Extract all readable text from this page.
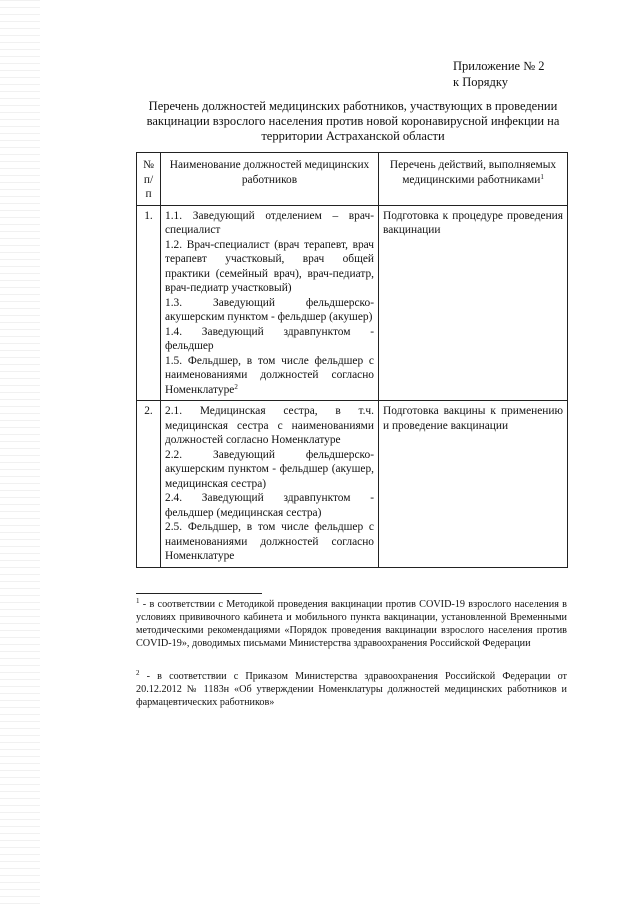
Приложение № 2
к Порядку
Перечень должностей медицинских работников, участвующих в проведении вакцинации взрослого населения против новой коронавирусной инфекции на территории Астраханской области
№ п/п	Наименование должностей медицинских работников	Перечень действий, выполняемых медицинскими работниками$^1$
1.	1.1. Заведующий отделением – врач-специалист

1.2. Врач-специалист (врач терапевт, врач терапевт участковый, врач общей практики (семейный врач), врач-педиатр, врач-педиатр участковый)

1.3. Заведующий фельдшерско-акушерским пунктом - фельдшер (акушер)

1.4. Заведующий здравпунктом - фельдшер

1.5. Фельдшер, в том числе фельдшер с наименованиями должностей согласно Номенклатуре$^2$	Подготовка к процедуре проведения вакцинации
2.	2.1. Медицинская сестра, в т.ч. медицинская сестра с наименованиями должностей согласно Номенклатуре

2.2. Заведующий фельдшерско-акушерским пунктом - фельдшер (акушер, медицинская сестра)

2.4. Заведующий здравпунктом - фельдшер (медицинская сестра)

2.5. Фельдшер, в том числе фельдшер с наименованиями должностей согласно Номенклатуре	Подготовка вакцины к применению и проведение вакцинации
$^1$ - в соответствии с Методикой проведения вакцинации против COVID-19 взрослого населения в условиях прививочного кабинета и мобильного пункта вакцинации, установленной Временными методическими рекомендациями «Порядок проведения вакцинации взрослого населения против COVID-19», доводимых письмами Министерства здравоохранения Российской Федерации
$^2$ - в соответствии с Приказом Министерства здравоохранения Российской Федерации от 20.12.2012 № 1183н «Об утверждении Номенклатуры должностей медицинских работников и фармацевтических работников»
